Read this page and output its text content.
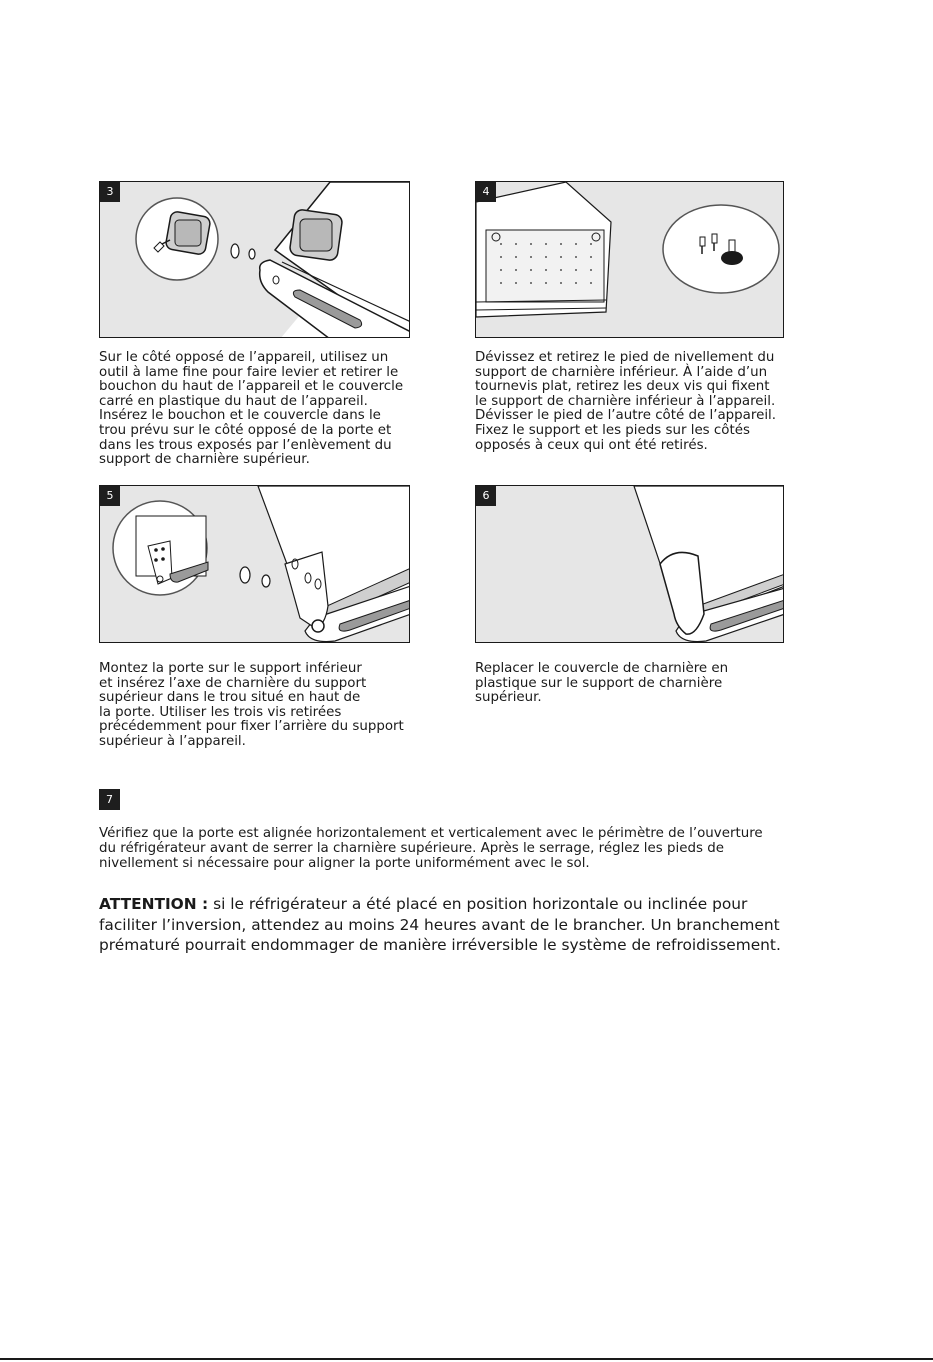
3	4
5	6

Sur le côté opposé de l’appareil, utilisez un
outil à lame fine pour faire levier et retirer le
bouchon du haut de l’appareil et le couvercle
carré en plastique du haut de l’appareil.
Insérez le bouchon et le couvercle dans le
trou prévu sur le côté opposé de la porte et
dans les trous exposés par l’enlèvement du
support de charnière supérieur.

Dévissez et retirez le pied de nivellement du
support de charnière inférieur. À l’aide d’un
tournevis plat, retirez les deux vis qui fixent
le support de charnière inférieur à l’appareil.
Dévisser le pied de l’autre côté de l’appareil.
Fixez le support et les pieds sur les côtés
opposés à ceux qui ont été retirés.

Montez la porte sur le support inférieur
et insérez l’axe de charnière du support
supérieur dans le trou situé en haut de
la porte. Utiliser les trois vis retirées
précédemment pour fixer l’arrière du support
supérieur à l’appareil.

Replacer le couvercle de charnière en
plastique sur le support de charnière
supérieur.

7

Vérifiez que la porte est alignée horizontalement et verticalement avec le périmètre de l’ouverture
du réfrigérateur avant de serrer la charnière supérieure. Après le serrage, réglez les pieds de
nivellement si nécessaire pour aligner la porte uniformément avec le sol.

ATTENTION : si le réfrigérateur a été placé en position horizontale ou inclinée pour
faciliter l’inversion, attendez au moins 24 heures avant de le brancher. Un branchement
prématuré pourrait endommager de manière irréversible le système de refroidissement.
